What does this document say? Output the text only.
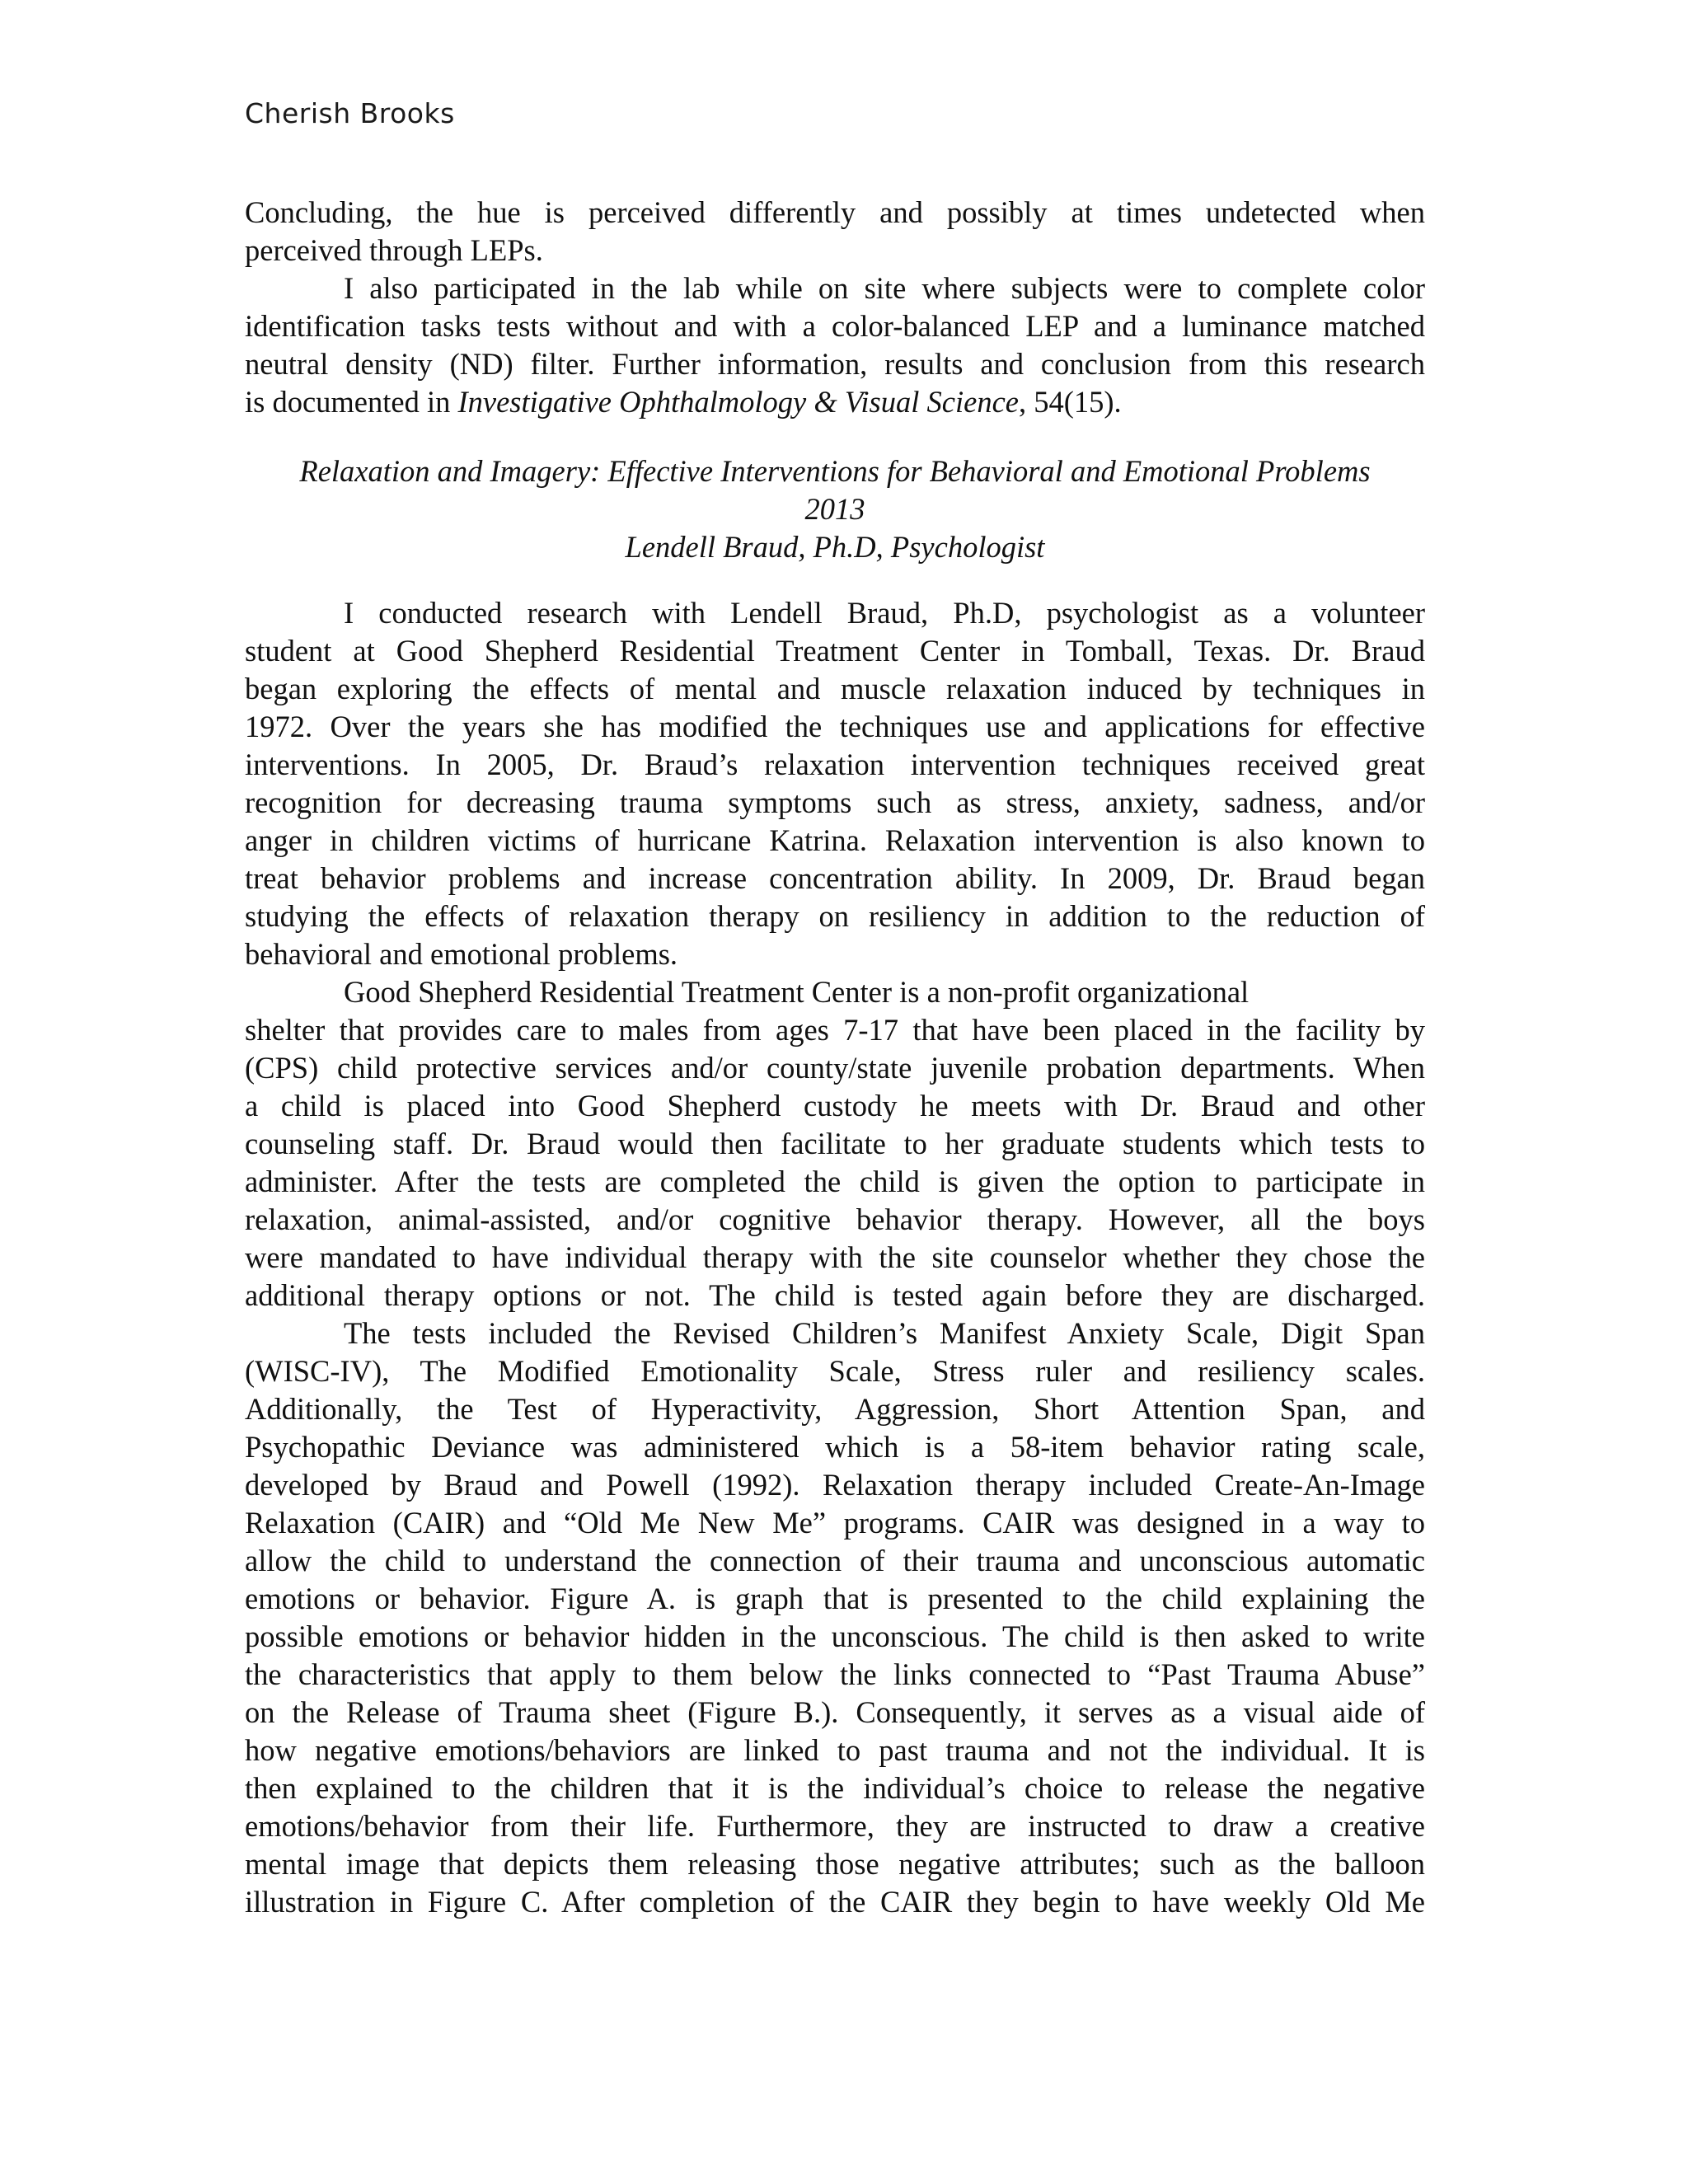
Cherish Brooks
Concluding, the hue is perceived differently and possibly at times undetected when
perceived through LEPs.
I also participated in the lab while on site where subjects were to complete color
identification tasks tests without and with a color-balanced LEP and a luminance matched
neutral density (ND) filter. Further information, results and conclusion from this research
is documented in Investigative Ophthalmology & Visual Science, 54(15).
Relaxation and Imagery: Effective Interventions for Behavioral and Emotional Problems
2013
Lendell Braud, Ph.D, Psychologist
I conducted research with Lendell Braud, Ph.D, psychologist as a volunteer
student at Good Shepherd Residential Treatment Center in Tomball, Texas. Dr. Braud
began exploring the effects of mental and muscle relaxation induced by techniques in
1972. Over the years she has modified the techniques use and applications for effective
interventions. In 2005, Dr. Braud’s relaxation intervention techniques received great
recognition for decreasing trauma symptoms such as stress, anxiety, sadness, and/or
anger in children victims of hurricane Katrina. Relaxation intervention is also known to
treat behavior problems and increase concentration ability. In 2009, Dr. Braud began
studying the effects of relaxation therapy on resiliency in addition to the reduction of
behavioral and emotional problems.
Good Shepherd Residential Treatment Center is a non-profit organizational
shelter that provides care to males from ages 7-17 that have been placed in the facility by
(CPS) child protective services and/or county/state juvenile probation departments. When
a child is placed into Good Shepherd custody he meets with Dr. Braud and other
counseling staff. Dr. Braud would then facilitate to her graduate students which tests to
administer. After the tests are completed the child is given the option to participate in
relaxation, animal-assisted, and/or cognitive behavior therapy. However, all the boys
were mandated to have individual therapy with the site counselor whether they chose the
additional therapy options or not. The child is tested again before they are discharged.
The tests included the Revised Children’s Manifest Anxiety Scale, Digit Span
(WISC-IV), The Modified Emotionality Scale, Stress ruler and resiliency scales.
Additionally, the Test of Hyperactivity, Aggression, Short Attention Span, and
Psychopathic Deviance was administered which is a 58-item behavior rating scale,
developed by Braud and Powell (1992). Relaxation therapy included Create-An-Image
Relaxation (CAIR) and “Old Me New Me” programs. CAIR was designed in a way to
allow the child to understand the connection of their trauma and unconscious automatic
emotions or behavior. Figure A. is graph that is presented to the child explaining the
possible emotions or behavior hidden in the unconscious. The child is then asked to write
the characteristics that apply to them below the links connected to “Past Trauma Abuse”
on the Release of Trauma sheet (Figure B.). Consequently, it serves as a visual aide of
how negative emotions/behaviors are linked to past trauma and not the individual. It is
then explained to the children that it is the individual’s choice to release the negative
emotions/behavior from their life. Furthermore, they are instructed to draw a creative
mental image that depicts them releasing those negative attributes; such as the balloon
illustration in Figure C. After completion of the CAIR they begin to have weekly Old Me
